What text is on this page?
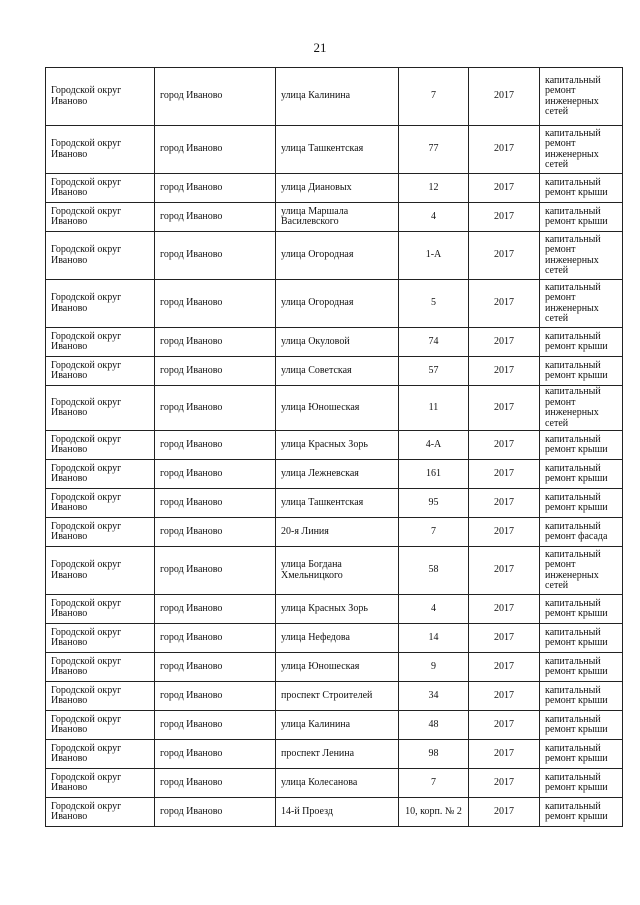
21
Городской округ Иваново	город Иваново	улица Калинина	7	2017	капитальный ремонт инженерных сетей
Городской округ Иваново	город Иваново	улица Ташкентская	77	2017	капитальный ремонт инженерных сетей
Городской округ Иваново	город Иваново	улица Диановых	12	2017	капитальный ремонт крыши
Городской округ Иваново	город Иваново	улица Маршала Василевского	4	2017	капитальный ремонт крыши
Городской округ Иваново	город Иваново	улица Огородная	1-А	2017	капитальный ремонт инженерных сетей
Городской округ Иваново	город Иваново	улица Огородная	5	2017	капитальный ремонт инженерных сетей
Городской округ Иваново	город Иваново	улица Окуловой	74	2017	капитальный ремонт крыши
Городской округ Иваново	город Иваново	улица Советская	57	2017	капитальный ремонт крыши
Городской округ Иваново	город Иваново	улица Юношеская	11	2017	капитальный ремонт инженерных сетей
Городской округ Иваново	город Иваново	улица Красных Зорь	4-А	2017	капитальный ремонт крыши
Городской округ Иваново	город Иваново	улица Лежневская	161	2017	капитальный ремонт крыши
Городской округ Иваново	город Иваново	улица Ташкентская	95	2017	капитальный ремонт крыши
Городской округ Иваново	город Иваново	20-я Линия	7	2017	капитальный ремонт фасада
Городской округ Иваново	город Иваново	улица Богдана Хмельницкого	58	2017	капитальный ремонт инженерных сетей
Городской округ Иваново	город Иваново	улица Красных Зорь	4	2017	капитальный ремонт крыши
Городской округ Иваново	город Иваново	улица Нефедова	14	2017	капитальный ремонт крыши
Городской округ Иваново	город Иваново	улица Юношеская	9	2017	капитальный ремонт крыши
Городской округ Иваново	город Иваново	проспект Строителей	34	2017	капитальный ремонт крыши
Городской округ Иваново	город Иваново	улица Калинина	48	2017	капитальный ремонт крыши
Городской округ Иваново	город Иваново	проспект Ленина	98	2017	капитальный ремонт крыши
Городской округ Иваново	город Иваново	улица Колесанова	7	2017	капитальный ремонт крыши
Городской округ Иваново	город Иваново	14-й Проезд	10, корп. № 2	2017	капитальный ремонт крыши
